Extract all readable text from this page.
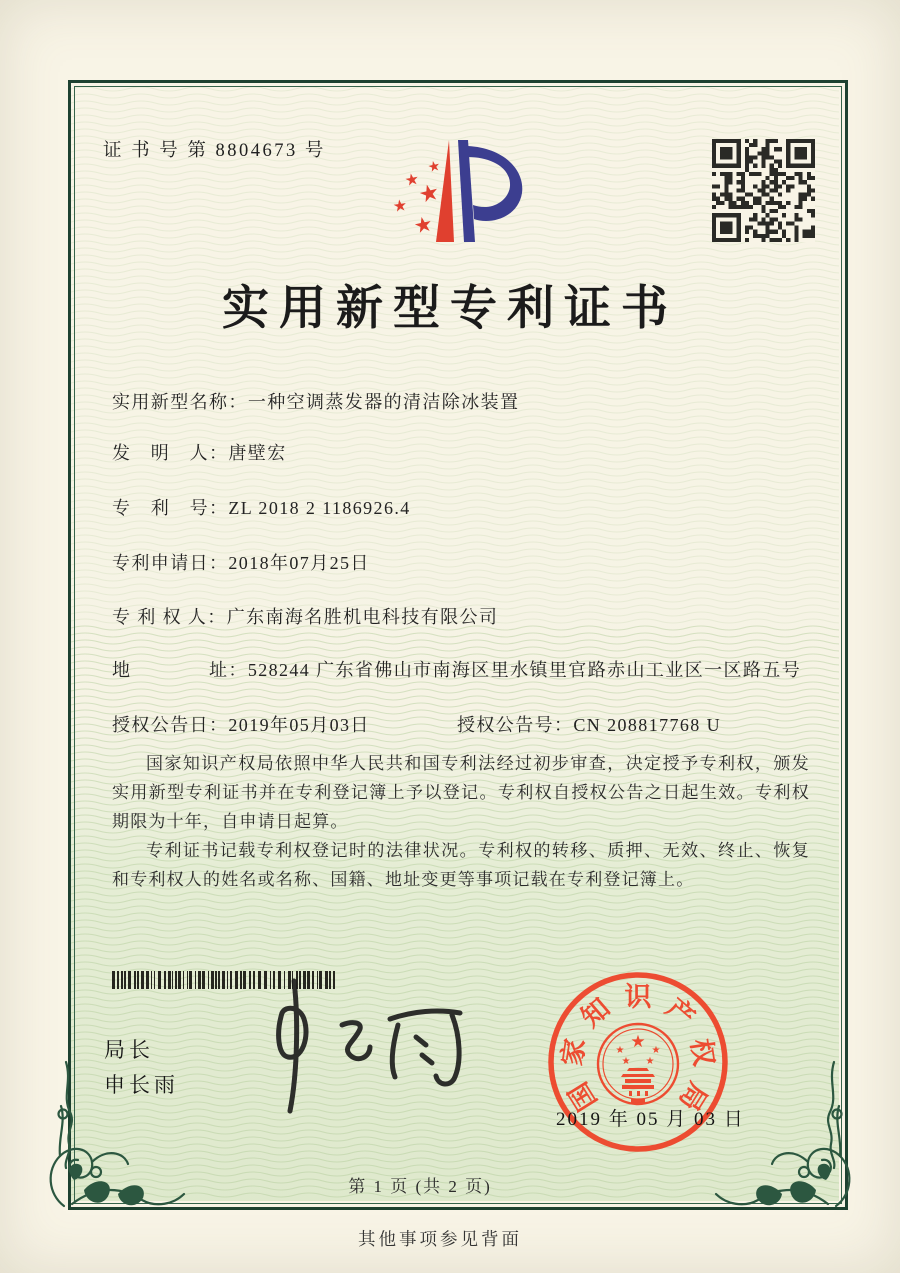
证 书 号 第 8804673 号
★
★
★
★
★
实用新型专利证书
实用新型名称： 一种空调蒸发器的清洁除冰装置
发　明　人： 唐壁宏
专　利　号： ZL 2018 2 1186926.4
专利申请日： 2018年07月25日
专 利 权 人： 广东南海名胜机电科技有限公司
地　　　　址： 528244 广东省佛山市南海区里水镇里官路赤山工业区一区路五号
授权公告日： 2019年05月03日	授权公告号： CN 208817768 U
国家知识产权局依照中华人民共和国专利法经过初步审查，决定授予专利权，颁发实用新型专利证书并在专利登记簿上予以登记。专利权自授权公告之日起生效。专利权期限为十年，自申请日起算。
专利证书记载专利权登记时的法律状况。专利权的转移、质押、无效、终止、恢复和专利权人的姓名或名称、国籍、地址变更等事项记载在专利登记簿上。
局长
申长雨	国
家
知 识 产
权
局
★
★	★
★ ★
2019 年 05 月 03 日
第 1 页 (共 2 页)
其他事项参见背面
